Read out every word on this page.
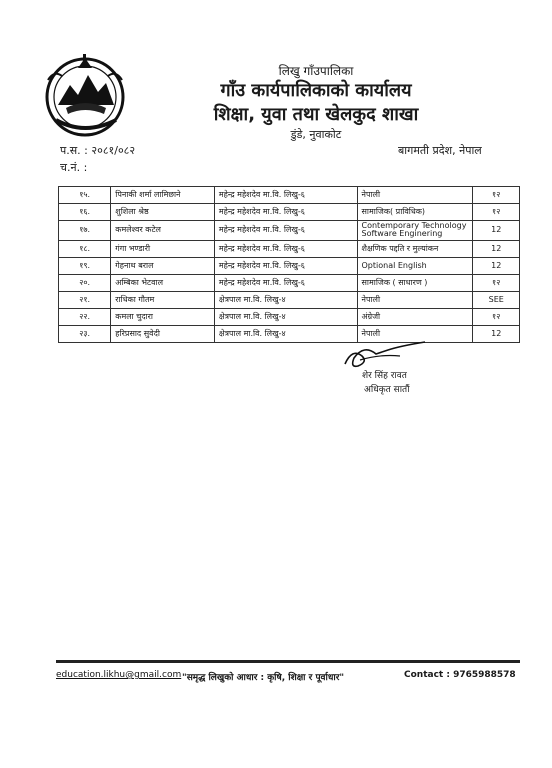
लिखु गाँउपालिका
गाँउ कार्यपालिकाको कार्यालय
शिक्षा, युवा तथा खेलकुद शाखा
डुंडे, नुवाकोट
प.स. : २०८१/०८२
च.नं. :
बागमती प्रदेश, नेपाल
१५.	पिनाकी शर्मा लामिछाने	महेन्द्र महेशदेव मा.वि. लिखु-६	नेपाली	१२
१६.	शुशिला श्रेष्ठ	महेन्द्र महेशदेव मा.वि. लिखु-६	सामाजिक( प्राविधिक)	१२
१७.	कमलेश्वर कटेल	महेन्द्र महेशदेव मा.वि. लिखु-६	Contemporary Technology Software Enginering	12
१८.	गंगा भण्डारी	महेन्द्र महेशदेव मा.वि. लिखु-६	शैक्षणिक पद्दति र मुल्यांकन	12
१९.	गेहनाथ बराल	महेन्द्र महेशदेव मा.वि. लिखु-६	Optional English	12
२०.	अम्बिका भेटवाल	महेन्द्र महेशदेव मा.वि. लिखु-६	सामाजिक ( साधारण )	१२
२१.	राधिका गौतम	क्षेत्रपाल मा.वि. लिखु-४	नेपाली	SEE
२२.	कमला चुदारा	क्षेत्रपाल मा.वि. लिखु-४	अंग्रेजी	१२
२३.	हरिप्रसाद सुवेदी	क्षेत्रपाल मा.वि. लिखु-४	नेपाली	12
शेर सिंह रावत
अधिकृत सातौं
education.likhu@gmail.com "समृद्ध लिखुको आधार : कृषि, शिक्षा र पूर्वाधार"	Contact : 9765988578
